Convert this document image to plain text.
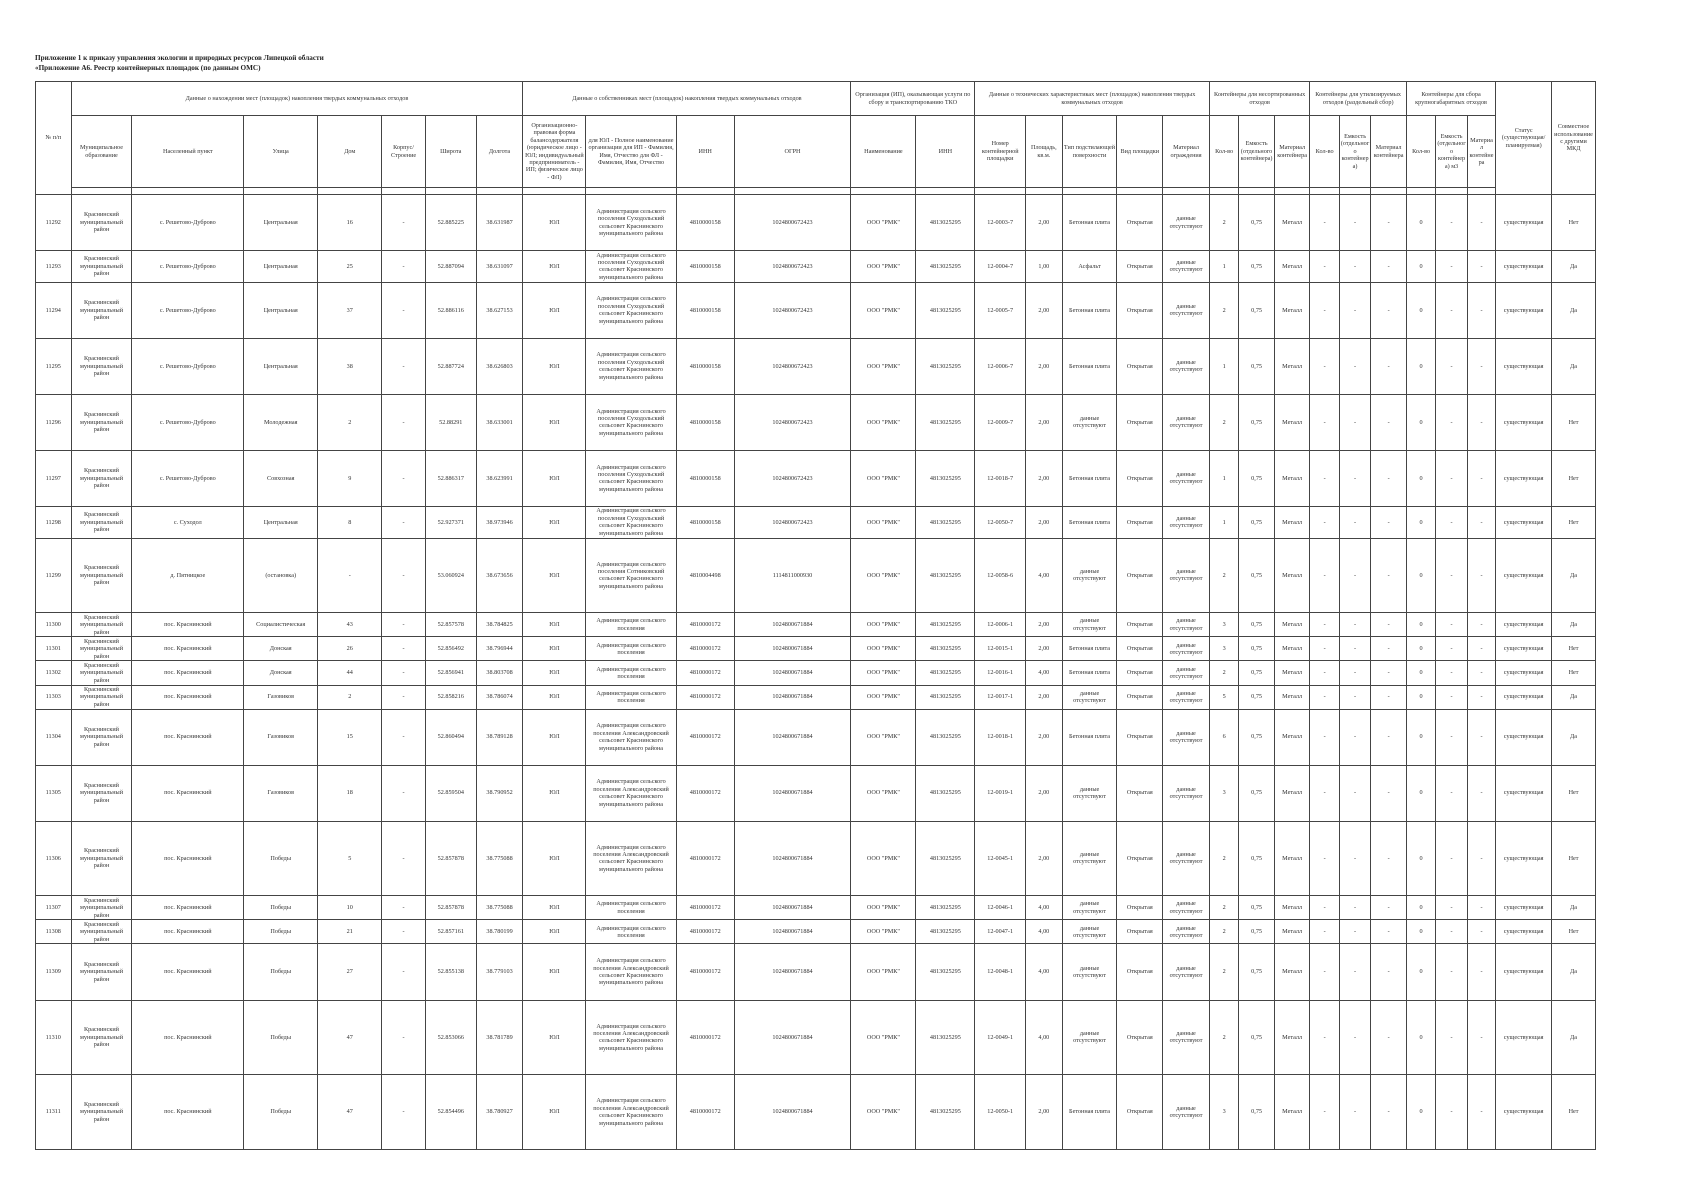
Приложение 1 к приказу управления экологии и природных ресурсов Липецкой области
«Приложение А6. Реестр контейнерных площадок (по данным ОМС)
№ п/п	Данные о нахождении мест (площадок) накопления твердых коммунальных отходов							Данные о собственниках мест (площадок) накопления твердых коммунальных отходов				Организация (ИП), оказывающая услуги по сбору и транспортированию ТКО		Данные о технических характеристиках мест (площадок) накопления твердых коммунальных отходов					Контейнеры для несортированных отходов			Контейнеры для утилизируемых отходов (раздельный сбор)			Контейнеры для сбора крупногабаритных отходов			Статус (существующая/ планируемая)	Совместное использование с другими МКД
	Муниципальное образование	Населенный пункт	Улица	Дом	Корпус/Строение	Широта	Долгота	Организационно-правовая форма балансодержателя (юридическое лицо - ЮЛ; индивидуальный предприниматель - ИП; физическое лицо - ФЛ)	для ЮЛ - Полное наименование организации для ИП - Фамилия, Имя, Отчество для ФЛ - Фамилия, Имя, Отчество	ИНН	ОГРН	Наименование	ИНН	Номер контейнерной площадки	Площадь, кв.м.	Тип подстилающей поверхности	Вид площадки	Материал ограждения	Кол-во	Емкость (отдельного контейнера)	Материал контейнера	Кол-во	Емкость (отдельного контейнера)	Материал контейнера	Кол-во	Емкость (отдельного контейнера) м3	Материал контейнера		

11292	Краснинский муниципальный район	с. Решетово-Дуброво	Центральная	16	-	52.885225	38.631987	ЮЛ	Администрация сельского поселения Суходольский сельсовет Краснинского муниципального района	4810000158	1024800672423	ООО "РМК"	4813025295	12-0003-7	2,00	Бетонная плита	Открытая	данные отсутствуют	2	0,75	Металл	-	-	-	0	-	-	существующая	Нет
11293	Краснинский муниципальный район	с. Решетово-Дуброво	Центральная	25	-	52.887094	38.631097	ЮЛ	Администрация сельского поселения Суходольский сельсовет Краснинского муниципального района	4810000158	1024800672423	ООО "РМК"	4813025295	12-0004-7	1,00	Асфальт	Открытая	данные отсутствуют	1	0,75	Металл	-	-	-	0	-	-	существующая	Да
11294	Краснинский муниципальный район	с. Решетово-Дуброво	Центральная	37	-	52.886116	38.627153	ЮЛ	Администрация сельского поселения Суходольский сельсовет Краснинского муниципального района	4810000158	1024800672423	ООО "РМК"	4813025295	12-0005-7	2,00	Бетонная плита	Открытая	данные отсутствуют	2	0,75	Металл	-	-	-	0	-	-	существующая	Да
11295	Краснинский муниципальный район	с. Решетово-Дуброво	Центральная	38	-	52.887724	38.626803	ЮЛ	Администрация сельского поселения Суходольский сельсовет Краснинского муниципального района	4810000158	1024800672423	ООО "РМК"	4813025295	12-0006-7	2,00	Бетонная плита	Открытая	данные отсутствуют	1	0,75	Металл	-	-	-	0	-	-	существующая	Да
11296	Краснинский муниципальный район	с. Решетово-Дуброво	Молодежная	2	-	52.88291	38.633001	ЮЛ	Администрация сельского поселения Суходольский сельсовет Краснинского муниципального района	4810000158	1024800672423	ООО "РМК"	4813025295	12-0009-7	2,00	данные отсутствуют	Открытая	данные отсутствуют	2	0,75	Металл	-	-	-	0	-	-	существующая	Нет
11297	Краснинский муниципальный район	с. Решетово-Дуброво	Совхозная	9	-	52.886317	38.623991	ЮЛ	Администрация сельского поселения Суходольский сельсовет Краснинского муниципального района	4810000158	1024800672423	ООО "РМК"	4813025295	12-0018-7	2,00	Бетонная плита	Открытая	данные отсутствуют	1	0,75	Металл	-	-	-	0	-	-	существующая	Нет
11298	Краснинский муниципальный район	с. Суходол	Центральная	8	-	52.927371	38.973946	ЮЛ	Администрация сельского поселения Суходольский сельсовет Краснинского муниципального района	4810000158	1024800672423	ООО "РМК"	4813025295	12-0050-7	2,00	Бетонная плита	Открытая	данные отсутствуют	1	0,75	Металл	-	-	-	0	-	-	существующая	Нет
11299	Краснинский муниципальный район	д. Пятницкое	(остановка)	-	-	53.060924	38.673656	ЮЛ	Администрация сельского поселения Сотниковский сельсовет Краснинского муниципального района	4810004498	1114811000930	ООО "РМК"	4813025295	12-0058-6	4,00	данные отсутствуют	Открытая	данные отсутствуют	2	0,75	Металл	-	-	-	0	-	-	существующая	Да
11300	Краснинский муниципальный район	пос. Краснинский	Социалистическая	43	-	52.857578	38.784825	ЮЛ	Администрация сельского поселения	4810000172	1024800671884	ООО "РМК"	4813025295	12-0006-1	2,00	данные отсутствуют	Открытая	данные отсутствуют	3	0,75	Металл	-	-	-	0	-	-	существующая	Да
11301	Краснинский муниципальный район	пос. Краснинский	Донская	26	-	52.856492	38.796944	ЮЛ	Администрация сельского поселения	4810000172	1024800671884	ООО "РМК"	4813025295	12-0015-1	2,00	Бетонная плита	Открытая	данные отсутствуют	3	0,75	Металл	-	-	-	0	-	-	существующая	Нет
11302	Краснинский муниципальный район	пос. Краснинский	Донская	44	-	52.856941	38.803708	ЮЛ	Администрация сельского поселения	4810000172	1024800671884	ООО "РМК"	4813025295	12-0016-1	4,00	Бетонная плита	Открытая	данные отсутствуют	2	0,75	Металл	-	-	-	0	-	-	существующая	Нет
11303	Краснинский муниципальный район	пос. Краснинский	Газовиков	2	-	52.858216	38.786074	ЮЛ	Администрация сельского поселения	4810000172	1024800671884	ООО "РМК"	4813025295	12-0017-1	2,00	данные отсутствуют	Открытая	данные отсутствуют	5	0,75	Металл	-	-	-	0	-	-	существующая	Да
11304	Краснинский муниципальный район	пос. Краснинский	Газовиков	15	-	52.860494	38.789128	ЮЛ	Администрация сельского поселения Александровский сельсовет Краснинского муниципального района	4810000172	1024800671884	ООО "РМК"	4813025295	12-0018-1	2,00	Бетонная плита	Открытая	данные отсутствуют	6	0,75	Металл	-	-	-	0	-	-	существующая	Да
11305	Краснинский муниципальный район	пос. Краснинский	Газовиков	18	-	52.859504	38.790952	ЮЛ	Администрация сельского поселения Александровский сельсовет Краснинского муниципального района	4810000172	1024800671884	ООО "РМК"	4813025295	12-0019-1	2,00	данные отсутствуют	Открытая	данные отсутствуют	3	0,75	Металл	-	-	-	0	-	-	существующая	Нет
11306	Краснинский муниципальный район	пос. Краснинский	Победы	5	-	52.857878	38.775088	ЮЛ	Администрация сельского поселения Александровский сельсовет Краснинского муниципального района	4810000172	1024800671884	ООО "РМК"	4813025295	12-0045-1	2,00	данные отсутствуют	Открытая	данные отсутствуют	2	0,75	Металл	-	-	-	0	-	-	существующая	Нет
11307	Краснинский муниципальный район	пос. Краснинский	Победы	10	-	52.857878	38.775088	ЮЛ	Администрация сельского поселения	4810000172	1024800671884	ООО "РМК"	4813025295	12-0046-1	4,00	данные отсутствуют	Открытая	данные отсутствуют	2	0,75	Металл	-	-	-	0	-	-	существующая	Да
11308	Краснинский муниципальный район	пос. Краснинский	Победы	21	-	52.857161	38.780199	ЮЛ	Администрация сельского поселения	4810000172	1024800671884	ООО "РМК"	4813025295	12-0047-1	4,00	данные отсутствуют	Открытая	данные отсутствуют	2	0,75	Металл	-	-	-	0	-	-	существующая	Нет
11309	Краснинский муниципальный район	пос. Краснинский	Победы	27	-	52.855138	38.779103	ЮЛ	Администрация сельского поселения Александровский сельсовет Краснинского муниципального района	4810000172	1024800671884	ООО "РМК"	4813025295	12-0048-1	4,00	данные отсутствуют	Открытая	данные отсутствуют	2	0,75	Металл	-	-	-	0	-	-	существующая	Да
11310	Краснинский муниципальный район	пос. Краснинский	Победы	47	-	52.853066	38.781789	ЮЛ	Администрация сельского поселения Александровский сельсовет Краснинского муниципального района	4810000172	1024800671884	ООО "РМК"	4813025295	12-0049-1	4,00	данные отсутствуют	Открытая	данные отсутствуют	2	0,75	Металл	-	-	-	0	-	-	существующая	Да
11311	Краснинский муниципальный район	пос. Краснинский	Победы	47	-	52.854496	38.780927	ЮЛ	Администрация сельского поселения Александровский сельсовет Краснинского муниципального района	4810000172	1024800671884	ООО "РМК"	4813025295	12-0050-1	2,00	Бетонная плита	Открытая	данные отсутствуют	3	0,75	Металл	-	-	-	0	-	-	существующая	Нет
